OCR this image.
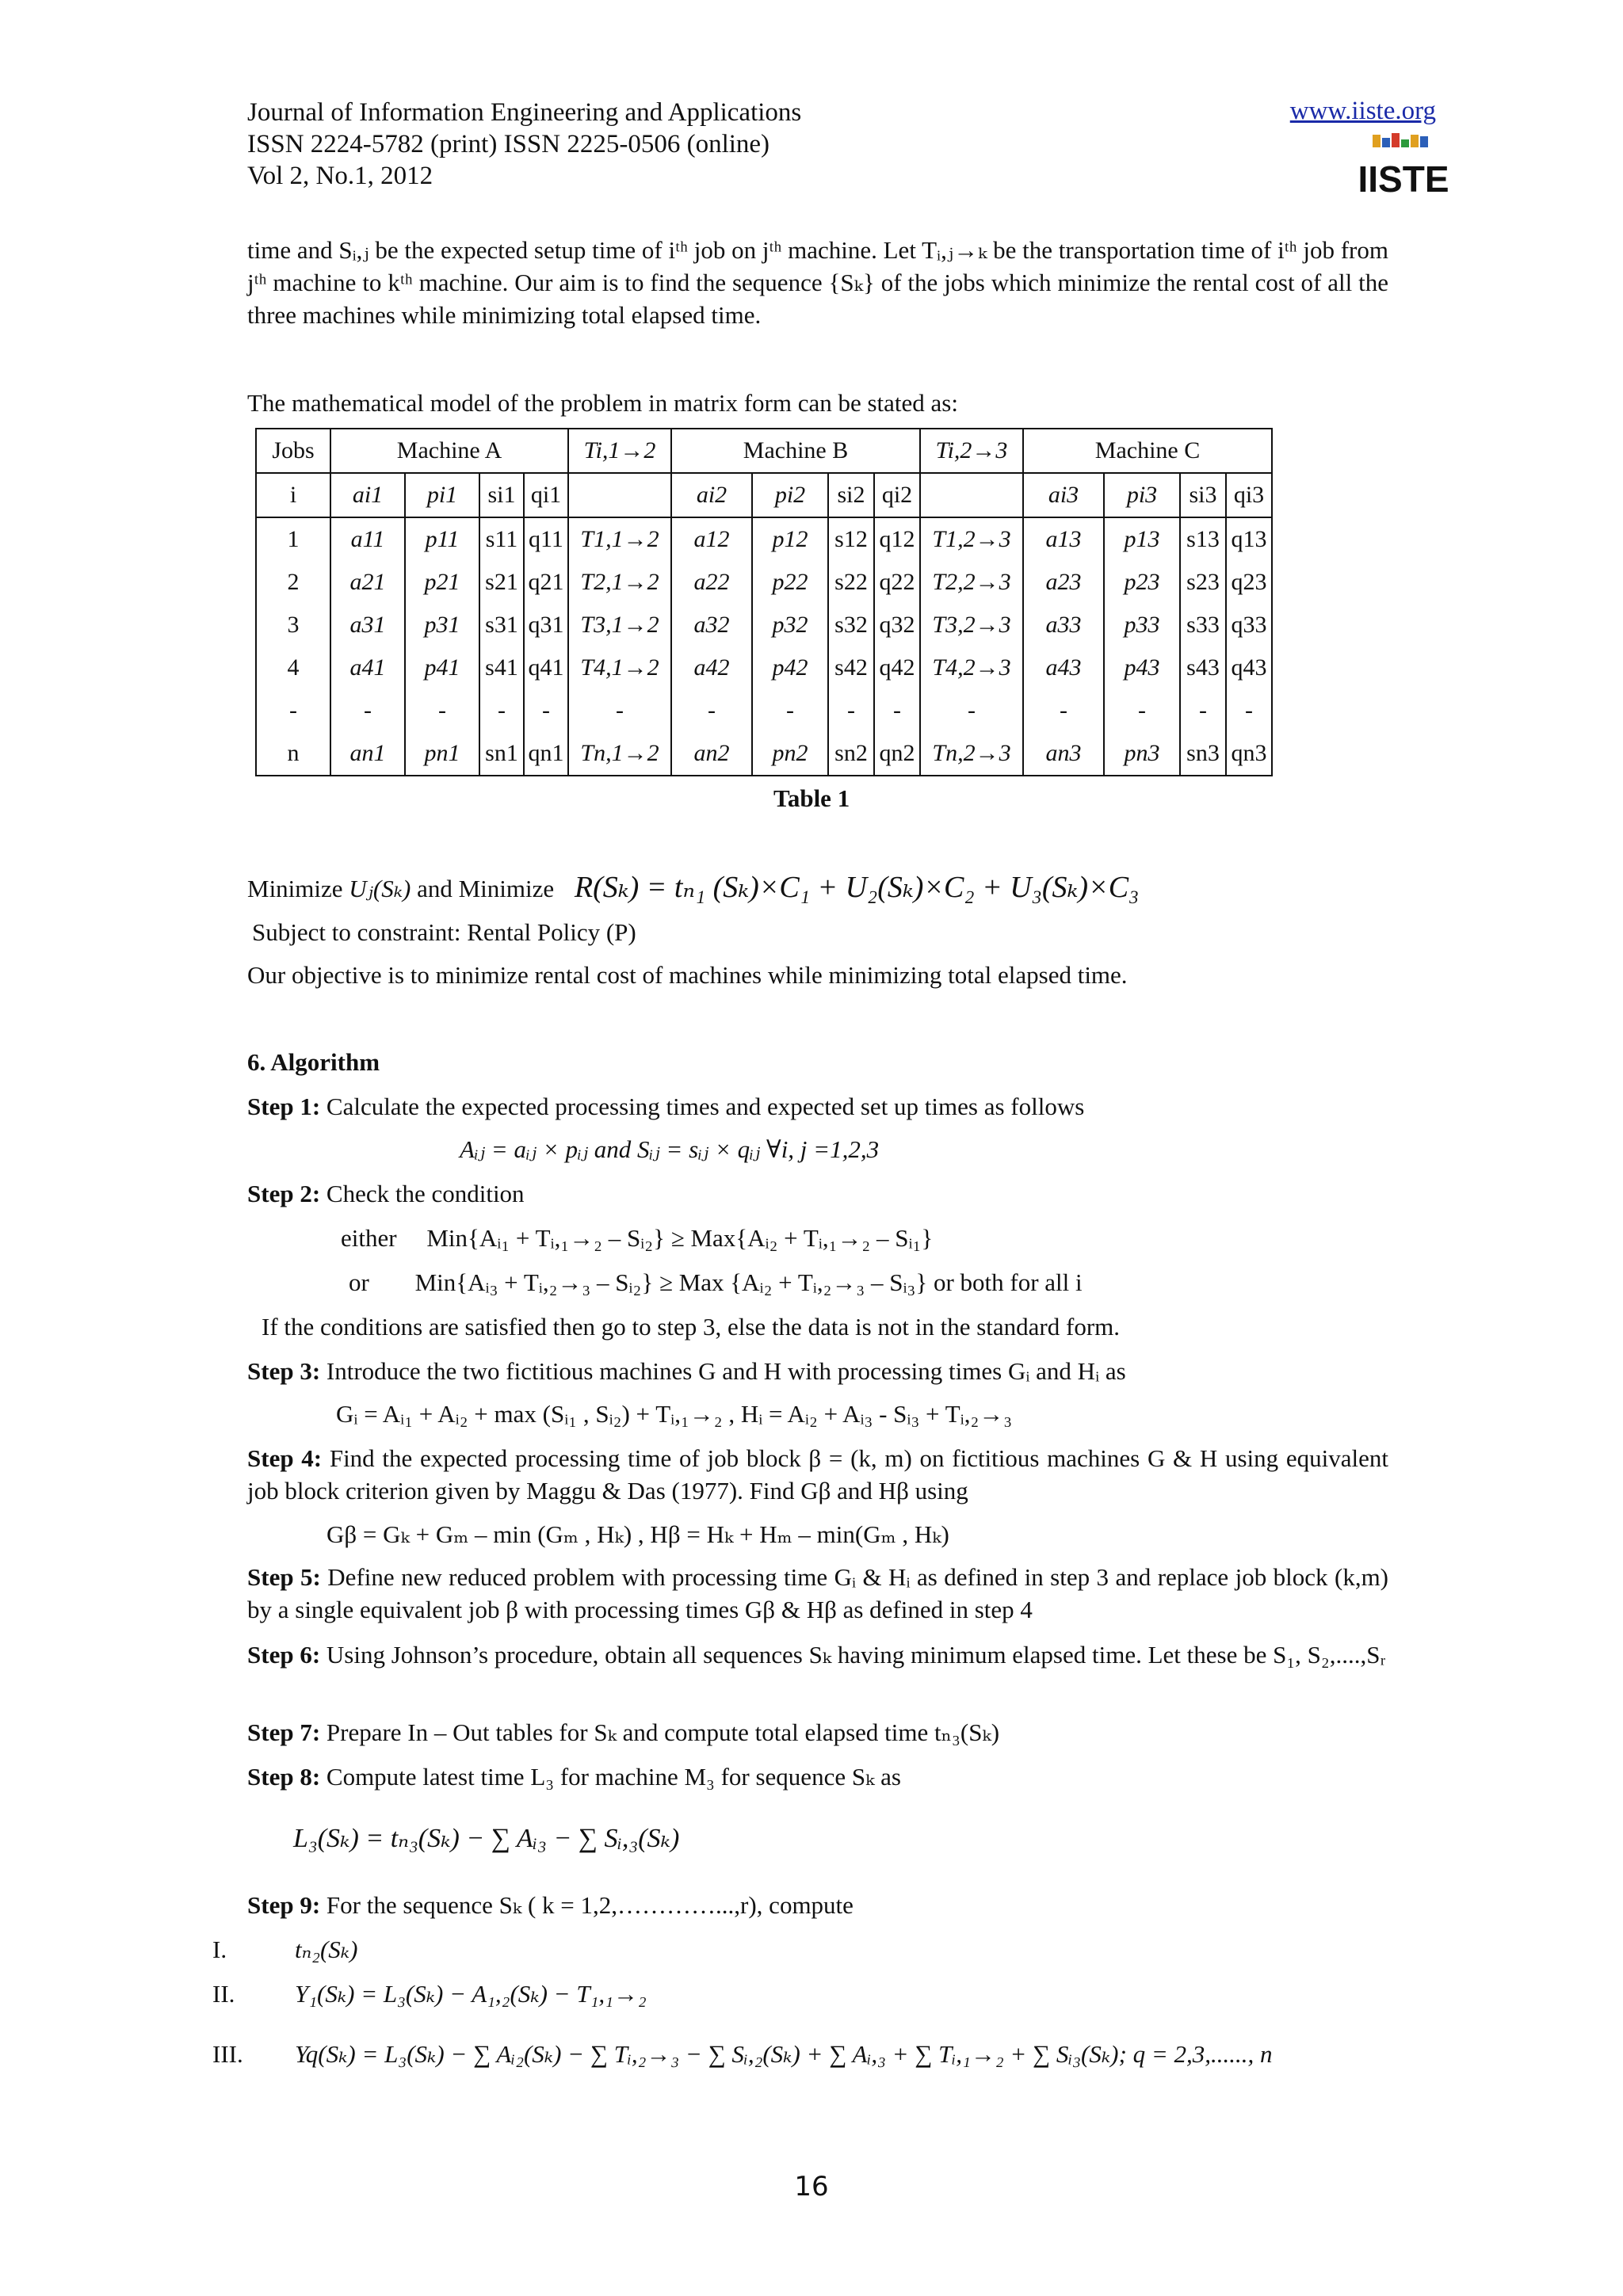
Journal of Information Engineering and Applications
ISSN 2224-5782 (print) ISSN 2225-0506 (online)
Vol 2, No.1, 2012
www.iiste.org
IISTE
time and Sᵢ,ⱼ be the expected setup time of iᵗʰ job on jᵗʰ machine. Let Tᵢ,ⱼ→ₖ be the transportation time of iᵗʰ job from jᵗʰ machine to kᵗʰ machine. Our aim is to find the sequence {Sₖ} of the jobs which minimize the rental cost of all the three machines while minimizing total elapsed time.
The mathematical model of the problem in matrix form can be stated as:
Jobs	Machine A				Ti,1→2	Machine B				Ti,2→3	Machine C			
i	ai1	pi1	si1	qi1		ai2	pi2	si2	qi2		ai3	pi3	si3	qi3
1	a11	p11	s11	q11	T1,1→2	a12	p12	s12	q12	T1,2→3	a13	p13	s13	q13
2	a21	p21	s21	q21	T2,1→2	a22	p22	s22	q22	T2,2→3	a23	p23	s23	q23
3	a31	p31	s31	q31	T3,1→2	a32	p32	s32	q32	T3,2→3	a33	p33	s33	q33
4	a41	p41	s41	q41	T4,1→2	a42	p42	s42	q42	T4,2→3	a43	p43	s43	q43
-	-	-	-	-	-	-	-	-	-	-	-	-	-	-
n	an1	pn1	sn1	qn1	Tn,1→2	an2	pn2	sn2	qn2	Tn,2→3	an3	pn3	sn3	qn3
Table 1
Minimize Uⱼ(Sₖ) and Minimize R(Sₖ) = tₙ₁ (Sₖ)×C₁ + U₂(Sₖ)×C₂ + U₃(Sₖ)×C₃
Subject to constraint: Rental Policy (P)
Our objective is to minimize rental cost of machines while minimizing total elapsed time.
6. Algorithm
Step 1: Calculate the expected processing times and expected set up times as follows
Aᵢⱼ = aᵢⱼ × pᵢⱼ and Sᵢⱼ = sᵢⱼ × qᵢⱼ ∀i, j =1,2,3
Step 2: Check the condition
either Min{Aᵢ₁ + Tᵢ,₁→₂ – Sᵢ₂} ≥ Max{Aᵢ₂ + Tᵢ,₁→₂ – Sᵢ₁}
or Min{Aᵢ₃ + Tᵢ,₂→₃ – Sᵢ₂} ≥ Max {Aᵢ₂ + Tᵢ,₂→₃ – Sᵢ₃} or both for all i
If the conditions are satisfied then go to step 3, else the data is not in the standard form.
Step 3: Introduce the two fictitious machines G and H with processing times Gᵢ and Hᵢ as
Gᵢ = Aᵢ₁ + Aᵢ₂ + max (Sᵢ₁ , Sᵢ₂) + Tᵢ,₁→₂ , Hᵢ = Aᵢ₂ + Aᵢ₃ - Sᵢ₃ + Tᵢ,₂→₃
Step 4: Find the expected processing time of job block β = (k, m) on fictitious machines G & H using equivalent job block criterion given by Maggu & Das (1977). Find Gβ and Hβ using
Gβ = Gₖ + Gₘ – min (Gₘ , Hₖ) , Hβ = Hₖ + Hₘ – min(Gₘ , Hₖ)
Step 5: Define new reduced problem with processing time Gᵢ & Hᵢ as defined in step 3 and replace job block (k,m) by a single equivalent job β with processing times Gβ & Hβ as defined in step 4
Step 6: Using Johnson’s procedure, obtain all sequences Sₖ having minimum elapsed time. Let these be S₁, S₂,....,Sᵣ
Step 7: Prepare In – Out tables for Sₖ and compute total elapsed time tₙ₃(Sₖ)
Step 8: Compute latest time L₃ for machine M₃ for sequence Sₖ as
L₃(Sₖ) = tₙ₃(Sₖ) − ∑ Aᵢ₃ − ∑ Sᵢ,₃(Sₖ)
Step 9: For the sequence Sₖ ( k = 1,2,…………...,r), compute
I.	tₙ₂(Sₖ)
II. Y₁(Sₖ) = L₃(Sₖ) − A₁,₂(Sₖ) − T₁,₁→₂
III. Yq(Sₖ) = L₃(Sₖ) − ∑ Aᵢ₂(Sₖ) − ∑ Tᵢ,₂→₃ − ∑ Sᵢ,₂(Sₖ) + ∑ Aᵢ,₃ + ∑ Tᵢ,₁→₂ + ∑ Sᵢ₃(Sₖ); q = 2,3,......, n
16
